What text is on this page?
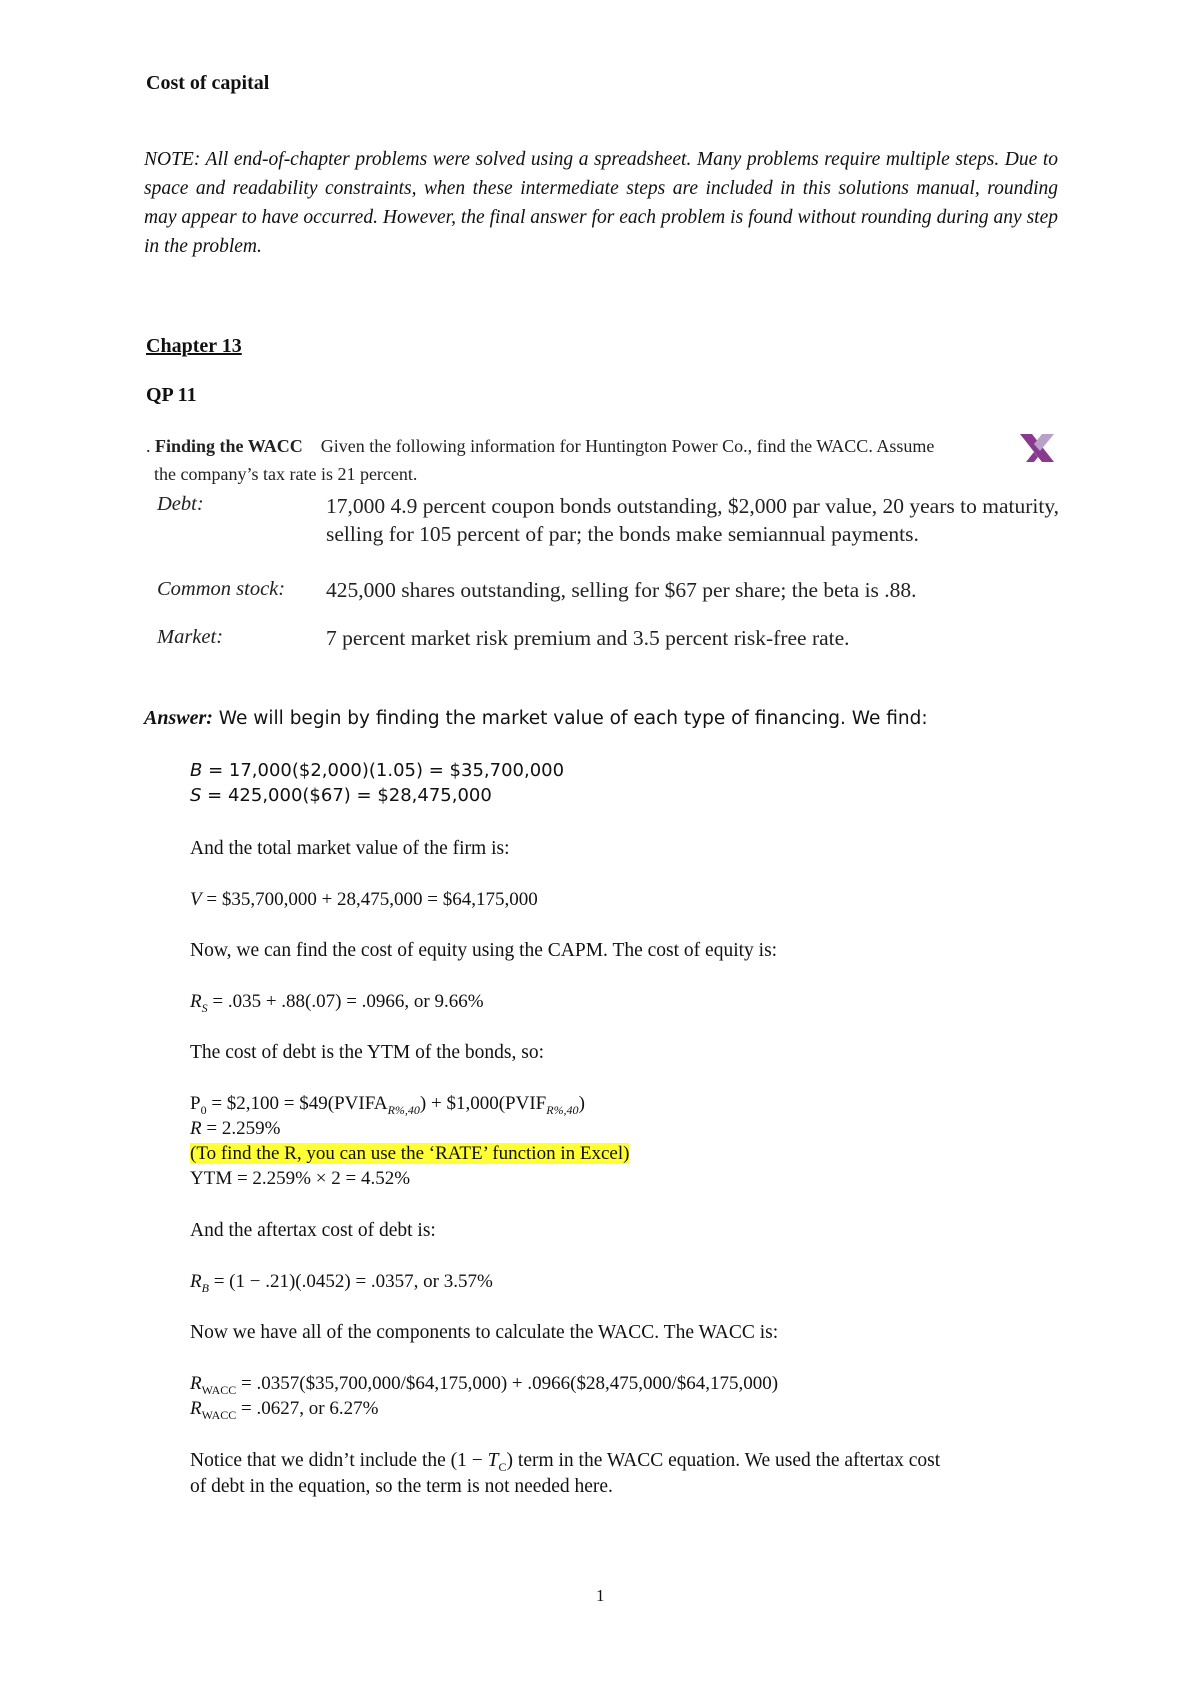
Cost of capital
NOTE: All end-of-chapter problems were solved using a spreadsheet. Many problems require multiple steps. Due to space and readability constraints, when these intermediate steps are included in this solutions manual, rounding may appear to have occurred. However, the final answer for each problem is found without rounding during any step in the problem.
Chapter 13
QP 11
. Finding the WACC Given the following information for Huntington Power Co., find the WACC. Assume
the company’s tax rate is 21 percent.
Debt:	17,000 4.9 percent coupon bonds outstanding, $2,000 par value, 20 years to maturity, selling for 105 percent of par; the bonds make semiannual payments.
Common stock: 425,000 shares outstanding, selling for $67 per share; the beta is .88.
Market:	7 percent market risk premium and 3.5 percent risk-free rate.
Answer: We will begin by finding the market value of each type of financing. We find:
B = 17,000($2,000)(1.05) = $35,700,000
S = 425,000($67) = $28,475,000
And the total market value of the firm is:
V = $35,700,000 + 28,475,000 = $64,175,000
Now, we can find the cost of equity using the CAPM. The cost of equity is:
$R_S = .035 + .88(.07) = .0966$, or 9.66%
The cost of debt is the YTM of the bonds, so:
$P_0$ = $2,100 = $\$49(PVIFA_{R\%,40})$ + $\$1,000(PVIF_{R\%,40})$
R = 2.259%
(To find the R, you can use the ‘RATE’ function in Excel)
YTM = 2.259% × 2 = 4.52%
And the aftertax cost of debt is:
$R_B = (1 - .21)(.0452) = .0357$, or 3.57%
Now we have all of the components to calculate the WACC. The WACC is:
$R_{WACC}$ = .0357($35,700,000/$64,175,000) + .0966($28,475,000/$64,175,000)
$R_{WACC} = .0627$, or 6.27%
Notice that we didn’t include the $(1 - T_C)$ term in the WACC equation. We used the aftertax cost
of debt in the equation, so the term is not needed here.
1
